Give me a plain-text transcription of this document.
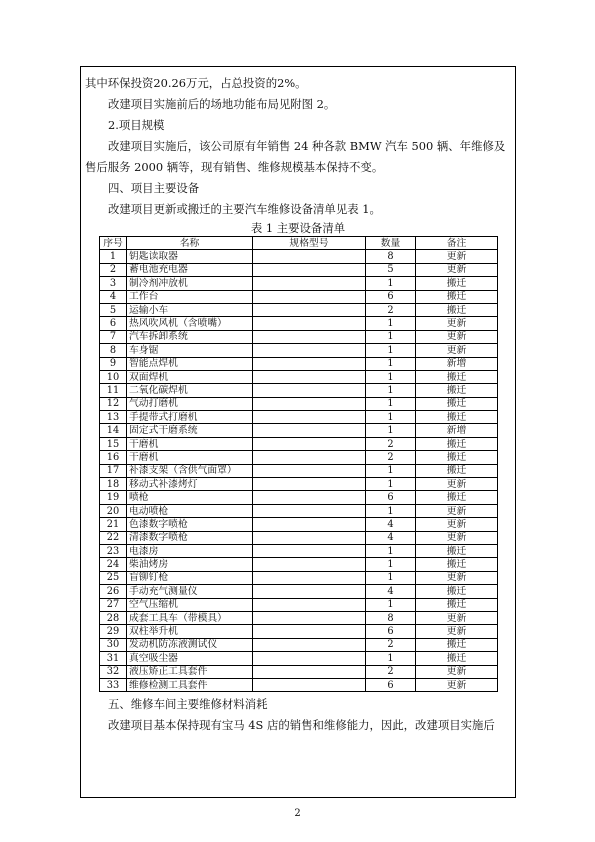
其中环保投资20.26万元，占总投资的2%。

改建项目实施前后的场地功能布局见附图 2。

2.项目规模

改建项目实施后，该公司原有年销售 24 种各款 BMW 汽车 500 辆、年维修及售后服务 2000 辆等，现有销售、维修规模基本保持不变。

四、项目主要设备

改建项目更新或搬迁的主要汽车维修设备清单见表 1。

表 1 主要设备清单
序号	名称	规格型号	数量	备注
1	钥匙读取器		8	更新
2	蓄电池充电器		5	更新
3	制冷剂冲放机		1	搬迁
4	工作台		6	搬迁
5	运输小车		2	搬迁
6	热风吹风机（含喷嘴）		1	更新
7	汽车拆卸系统		1	更新
8	车身锯		1	更新
9	智能点焊机		1	新增
10	双面焊机		1	搬迁
11	二氧化碳焊机		1	搬迁
12	气动打磨机		1	搬迁
13	手提带式打磨机		1	搬迁
14	固定式干磨系统		1	新增
15	干磨机		2	搬迁
16	干磨机		2	搬迁
17	补漆支架（含供气面罩）		1	搬迁
18	移动式补漆烤灯		1	更新
19	喷枪		6	搬迁
20	电动喷枪		1	更新
21	色漆数字喷枪		4	更新
22	清漆数字喷枪		4	更新
23	电漆房		1	搬迁
24	柴油烤房		1	搬迁
25	盲铆钉枪		1	更新
26	手动充气测量仪		4	搬迁
27	空气压缩机		1	搬迁
28	成套工具车（带模具）		8	更新
29	双柱举升机		6	更新
30	发动机防冻液测试仪		2	搬迁
31	真空吸尘器		1	搬迁
32	液压矫正工具套件		2	更新
33	维修检测工具套件		6	更新

五、维修车间主要维修材料消耗

改建项目基本保持现有宝马 4S 店的销售和维修能力，因此，改建项目实施后

2
